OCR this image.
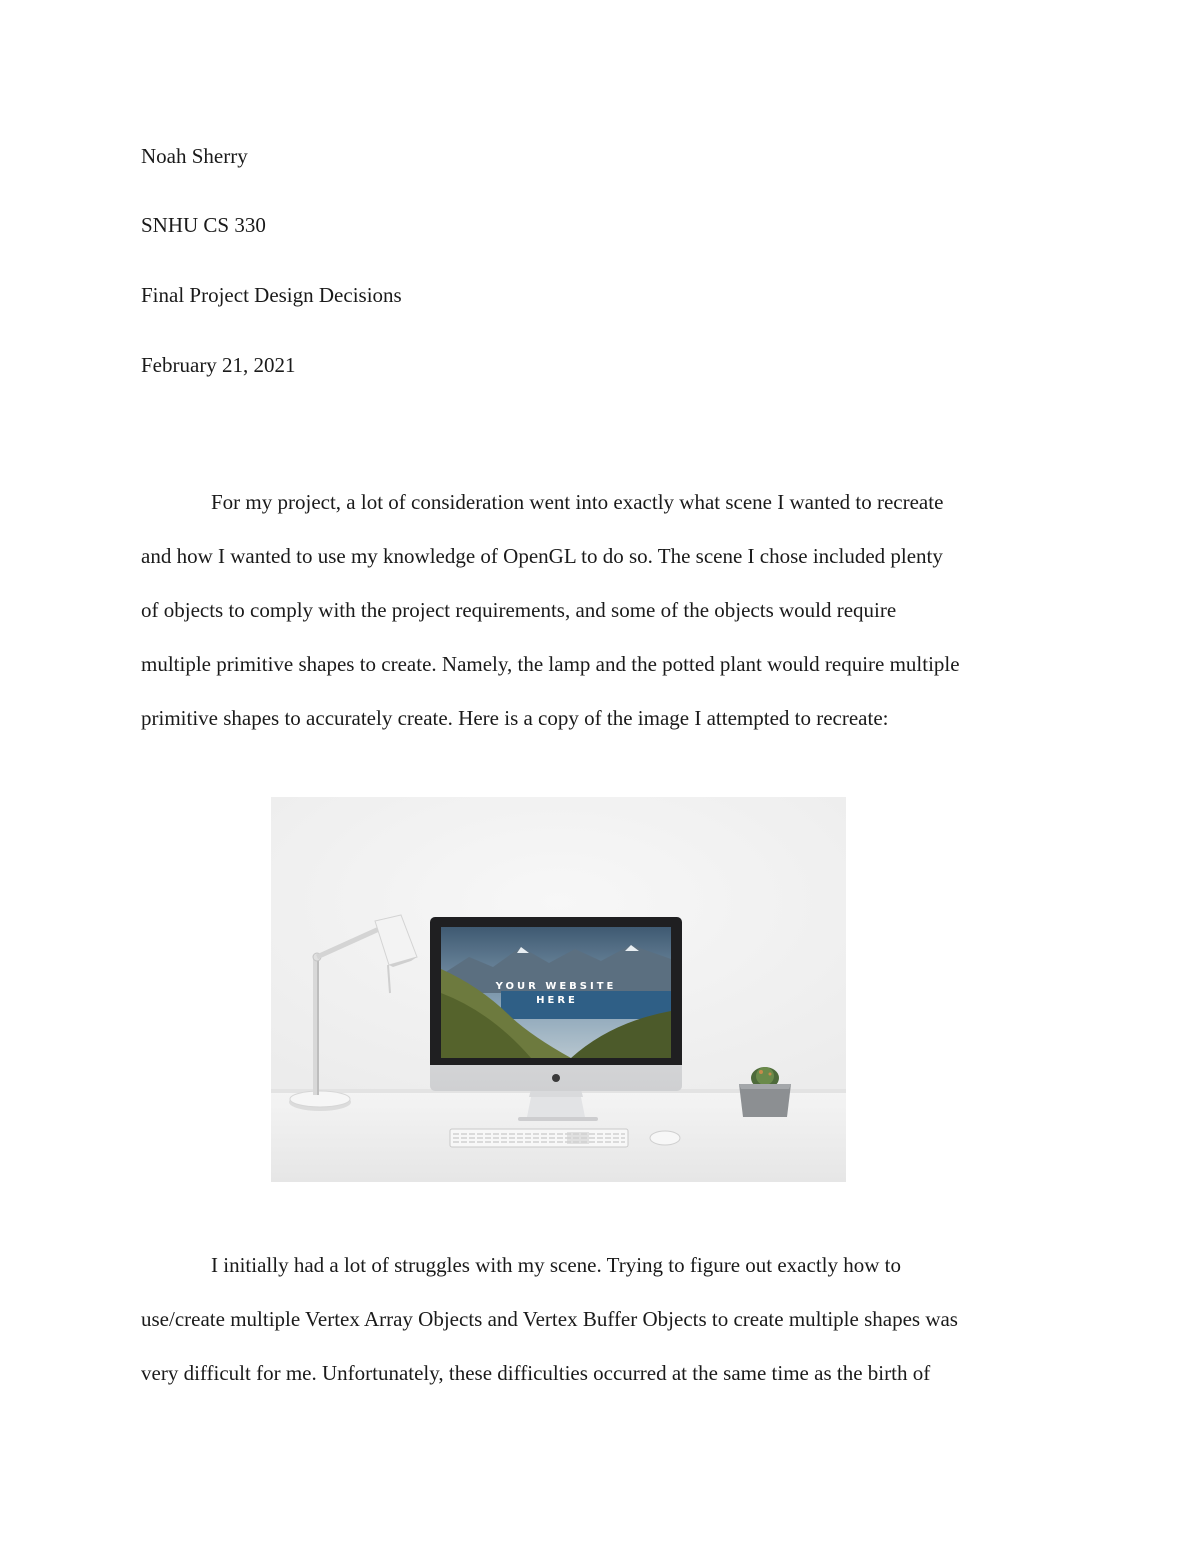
Noah Sherry

SNHU CS 330

Final Project Design Decisions

February 21, 2021

For my project, a lot of consideration went into exactly what scene I wanted to recreate
and how I wanted to use my knowledge of OpenGL to do so. The scene I chose included plenty
of objects to comply with the project requirements, and some of the objects would require
multiple primitive shapes to create. Namely, the lamp and the potted plant would require multiple
primitive shapes to accurately create. Here is a copy of the image I attempted to recreate:
YOUR WEBSITE
HERE
I initially had a lot of struggles with my scene. Trying to figure out exactly how to
use/create multiple Vertex Array Objects and Vertex Buffer Objects to create multiple shapes was
very difficult for me. Unfortunately, these difficulties occurred at the same time as the birth of
